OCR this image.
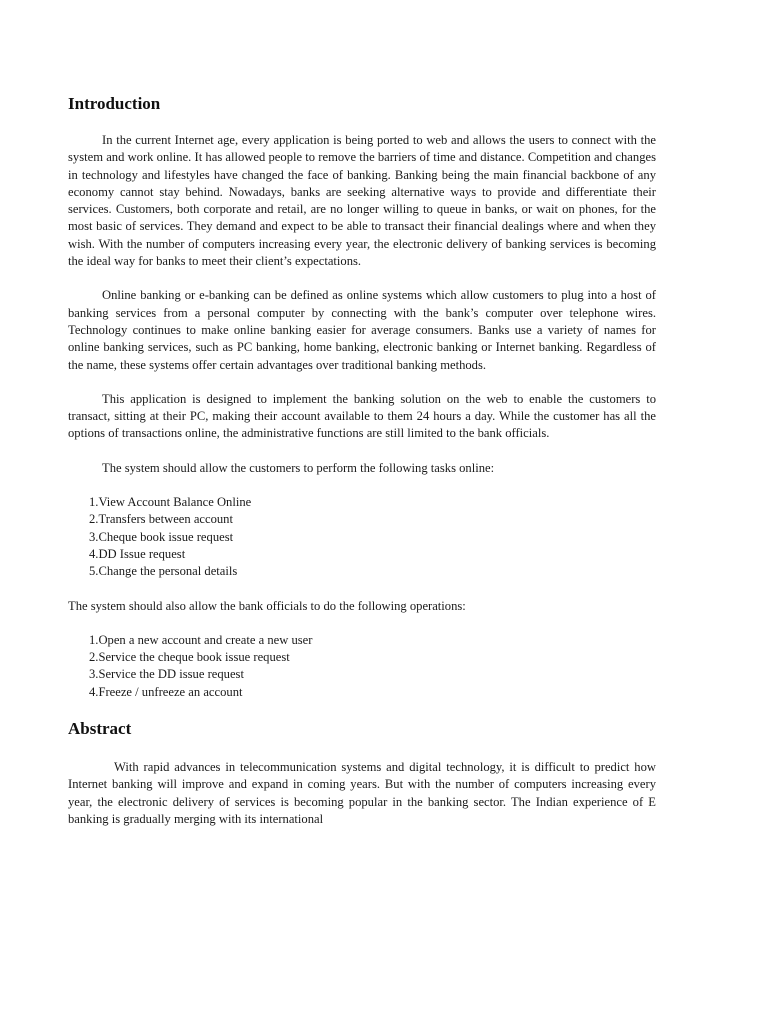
Introduction

In the current Internet age, every application is being ported to web and allows the users to connect with the system and work online. It has allowed people to remove the barriers of time and distance. Competition and changes in technology and lifestyles have changed the face of banking. Banking being the main financial backbone of any economy cannot stay behind. Nowadays, banks are seeking alternative ways to provide and differentiate their services. Customers, both corporate and retail, are no longer willing to queue in banks, or wait on phones, for the most basic of services. They demand and expect to be able to transact their financial dealings where and when they wish. With the number of computers increasing every year, the electronic delivery of banking services is becoming the ideal way for banks to meet their client’s expectations.

Online banking or e-banking can be defined as online systems which allow customers to plug into a host of banking services from a personal computer by connecting with the bank’s computer over telephone wires. Technology continues to make online banking easier for average consumers. Banks use a variety of names for online banking services, such as PC banking, home banking, electronic banking or Internet banking. Regardless of the name, these systems offer certain advantages over traditional banking methods.

This application is designed to implement the banking solution on the web to enable the customers to transact, sitting at their PC, making their account available to them 24 hours a day. While the customer has all the options of transactions online, the administrative functions are still limited to the bank officials.

The system should allow the customers to perform the following tasks online:

1. View Account Balance Online
2. Transfers between account
3. Cheque book issue request
4. DD Issue request
5. Change the personal details

The system should also allow the bank officials to do the following operations:

1. Open a new account and create a new user
2. Service the cheque book issue request
3. Service the DD issue request
4. Freeze / unfreeze an account
Abstract

With rapid advances in telecommunication systems and digital technology, it is difficult to predict how Internet banking will improve and expand in coming years. But with the number of computers increasing every year, the electronic delivery of services is becoming popular in the banking sector. The Indian experience of E banking is gradually merging with its international
